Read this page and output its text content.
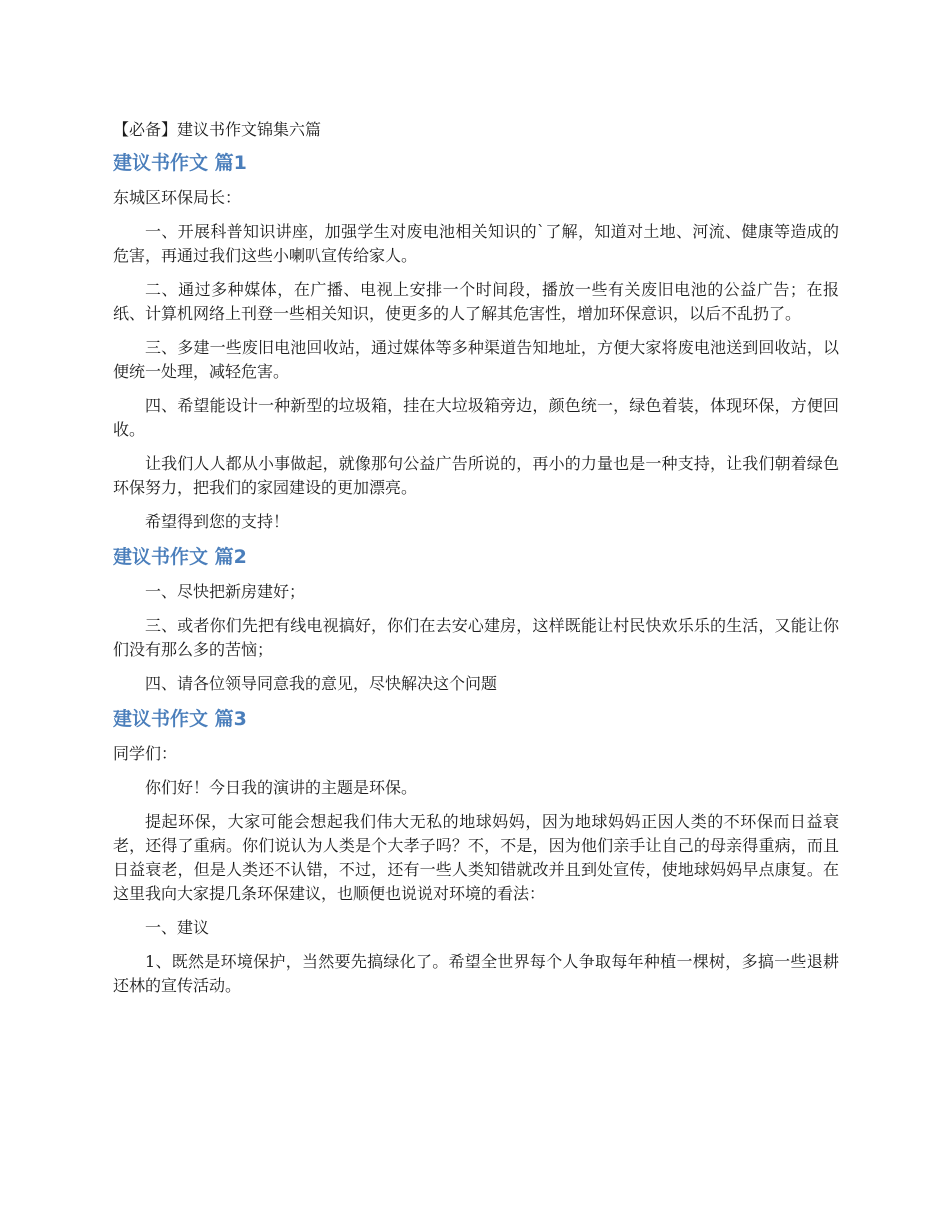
【必备】建议书作文锦集六篇
建议书作文 篇1

东城区环保局长：

一、开展科普知识讲座，加强学生对废电池相关知识的`了解，知道对土地、河流、健康等造成的危害，再通过我们这些小喇叭宣传给家人。

二、通过多种媒体，在广播、电视上安排一个时间段，播放一些有关废旧电池的公益广告；在报纸、计算机网络上刊登一些相关知识，使更多的人了解其危害性，增加环保意识，以后不乱扔了。

三、多建一些废旧电池回收站，通过媒体等多种渠道告知地址，方便大家将废电池送到回收站，以便统一处理，减轻危害。

四、希望能设计一种新型的垃圾箱，挂在大垃圾箱旁边，颜色统一，绿色着装，体现环保，方便回收。

让我们人人都从小事做起，就像那句公益广告所说的，再小的力量也是一种支持，让我们朝着绿色环保努力，把我们的家园建设的更加漂亮。

希望得到您的支持！

建议书作文 篇2

一、尽快把新房建好；

三、或者你们先把有线电视搞好，你们在去安心建房，这样既能让村民快欢乐乐的生活，又能让你们没有那么多的苦恼；

四、请各位领导同意我的意见，尽快解决这个问题

建议书作文 篇3

同学们：

你们好！今日我的演讲的主题是环保。

提起环保，大家可能会想起我们伟大无私的地球妈妈，因为地球妈妈正因人类的不环保而日益衰老，还得了重病。你们说认为人类是个大孝子吗？不，不是，因为他们亲手让自己的母亲得重病，而且日益衰老，但是人类还不认错，不过，还有一些人类知错就改并且到处宣传，使地球妈妈早点康复。在这里我向大家提几条环保建议，也顺便也说说对环境的看法：

一、建议

1、既然是环境保护，当然要先搞绿化了。希望全世界每个人争取每年种植一棵树，多搞一些退耕还林的宣传活动。
